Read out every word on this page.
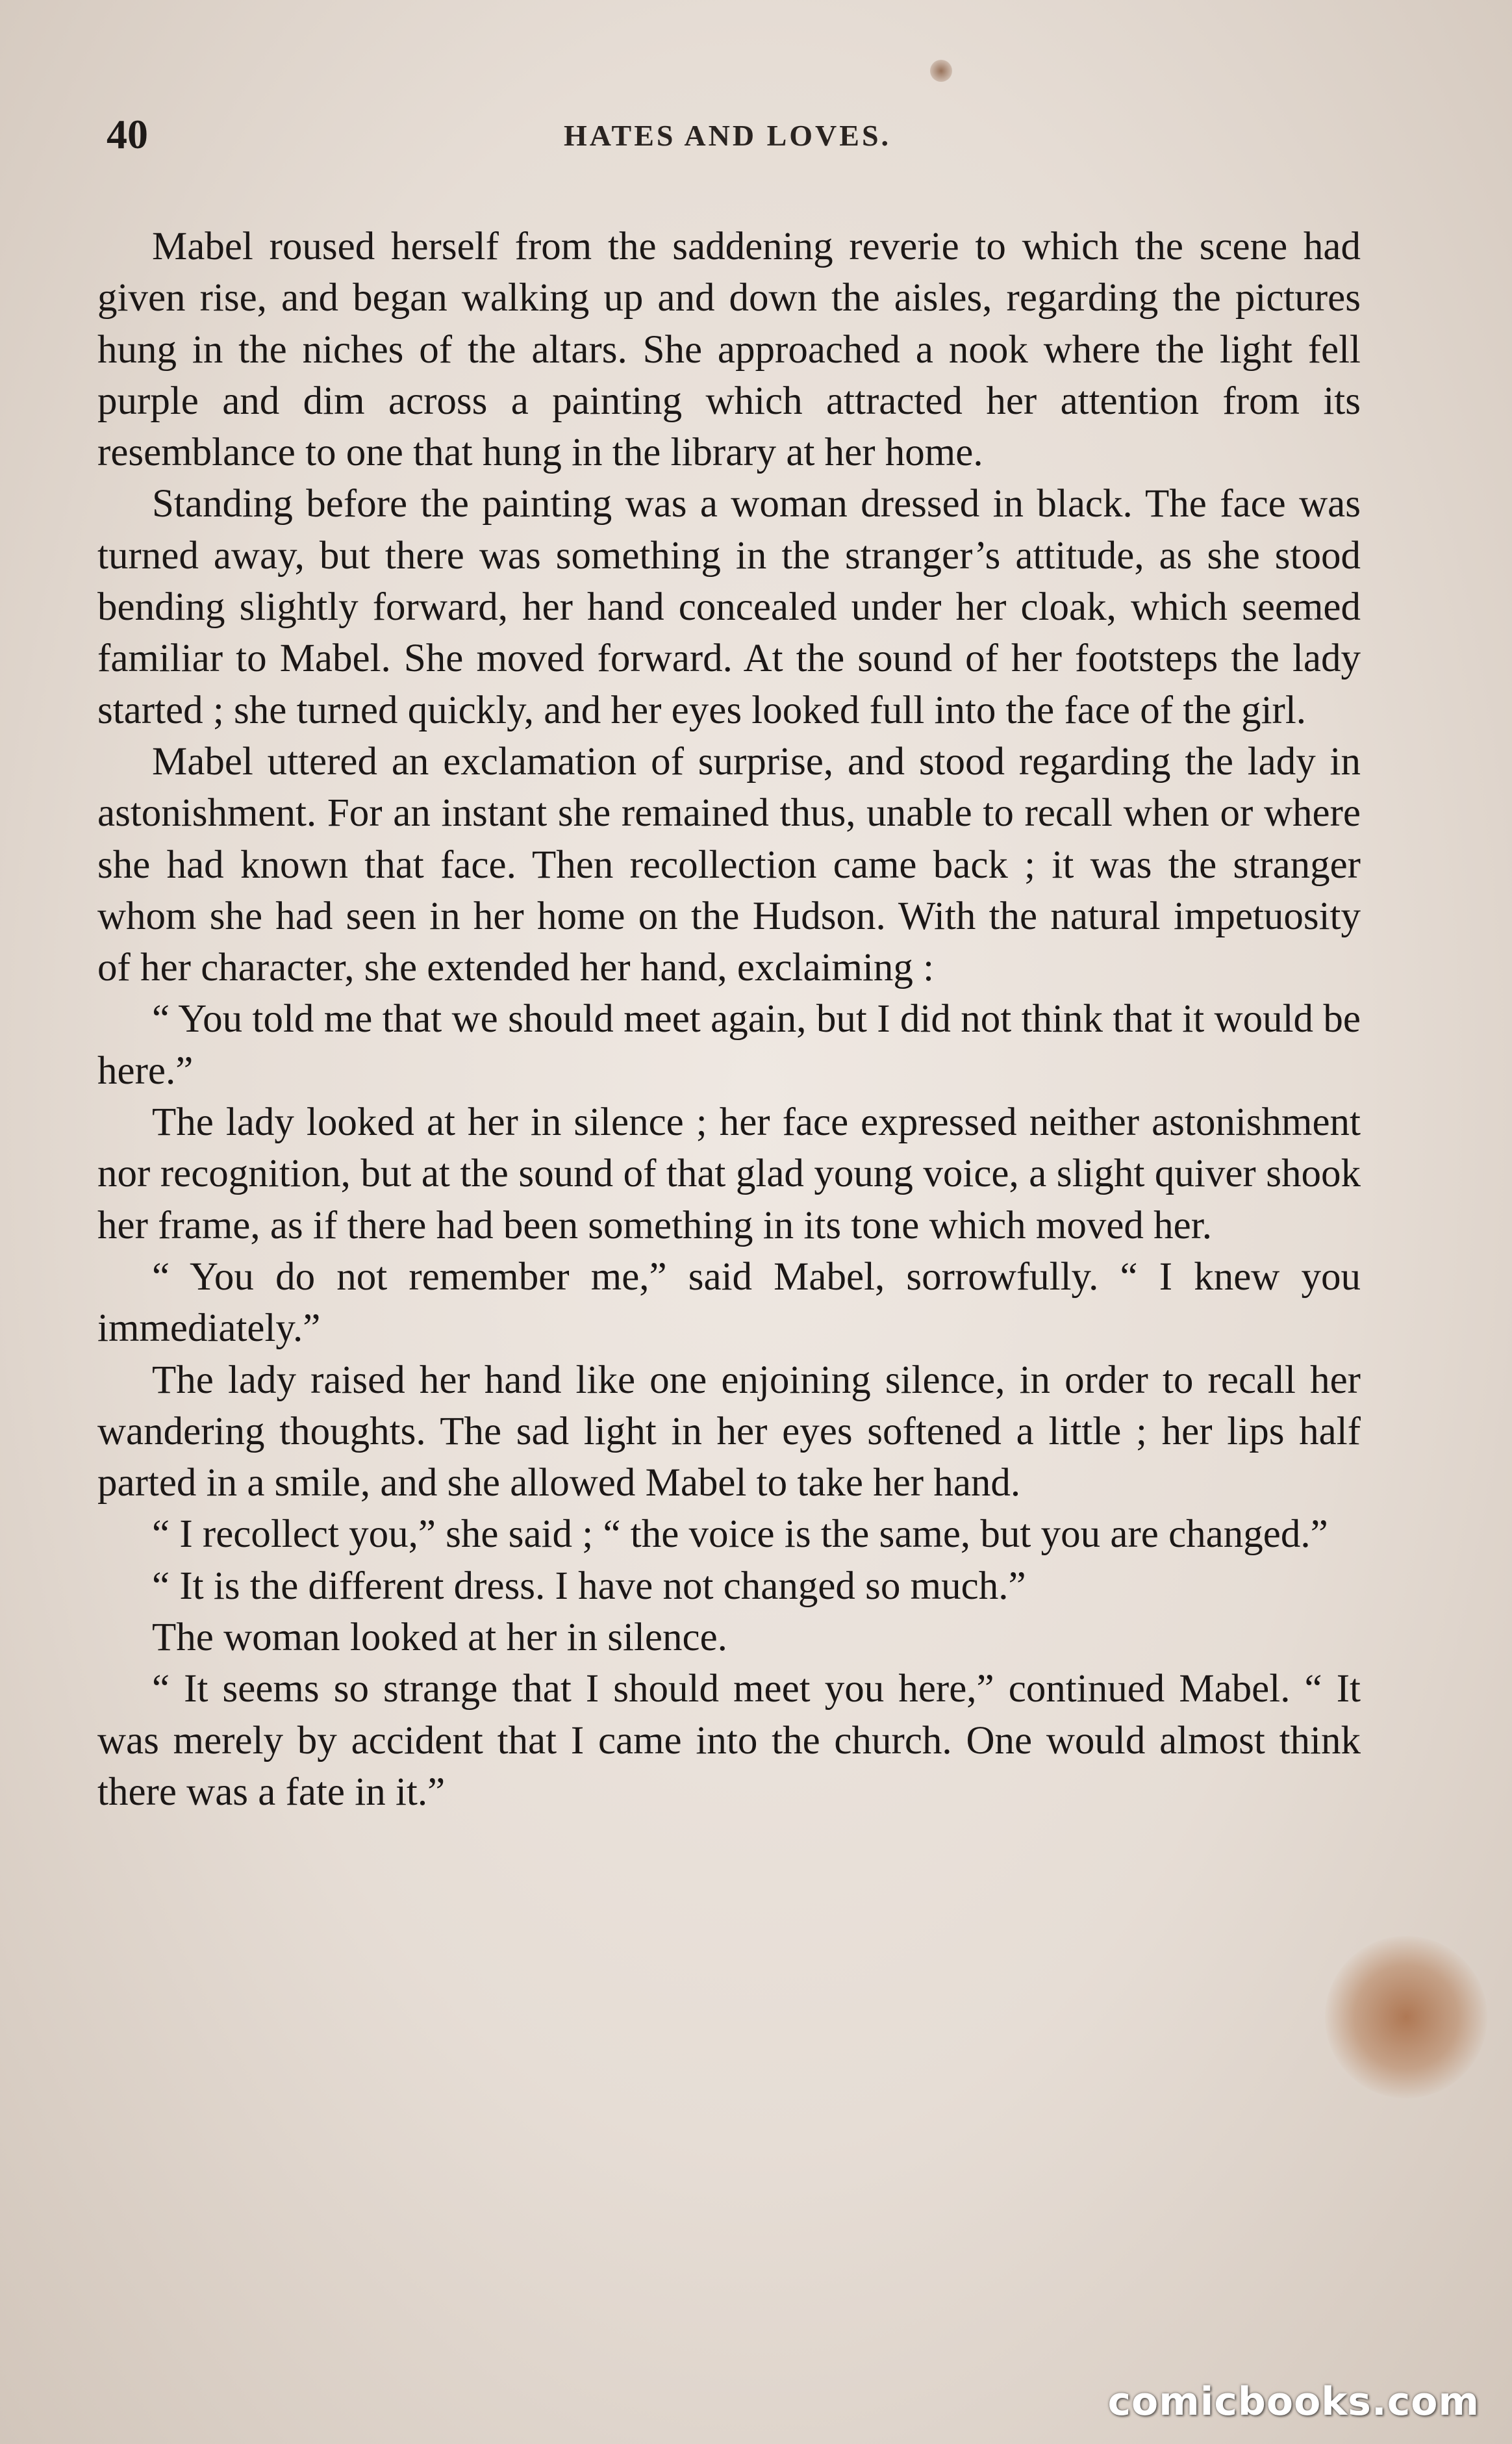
40	HATES AND LOVES.

Mabel roused herself from the saddening reverie to which the scene had given rise, and began walking up and down the aisles, regarding the pictures hung in the niches of the altars. She approached a nook where the light fell purple and dim across a painting which attracted her attention from its resemblance to one that hung in the library at her home.

Standing before the painting was a woman dressed in black. The face was turned away, but there was something in the stranger’s attitude, as she stood bending slightly forward, her hand concealed under her cloak, which seemed familiar to Mabel. She moved forward. At the sound of her footsteps the lady started ; she turned quickly, and her eyes looked full into the face of the girl.

Mabel uttered an exclamation of surprise, and stood regarding the lady in astonishment. For an instant she remained thus, unable to recall when or where she had known that face. Then recollection came back ; it was the stranger whom she had seen in her home on the Hudson. With the natural impetuosity of her character, she extended her hand, exclaiming :

“ You told me that we should meet again, but I did not think that it would be here.”

The lady looked at her in silence ; her face expressed neither astonishment nor recognition, but at the sound of that glad young voice, a slight quiver shook her frame, as if there had been something in its tone which moved her.

“ You do not remember me,” said Mabel, sorrowfully. “ I knew you immediately.”

The lady raised her hand like one enjoining silence, in order to recall her wandering thoughts. The sad light in her eyes softened a little ; her lips half parted in a smile, and she allowed Mabel to take her hand.

“ I recollect you,” she said ; “ the voice is the same, but you are changed.”

“ It is the different dress. I have not changed so much.”

The woman looked at her in silence.

“ It seems so strange that I should meet you here,” continued Mabel. “ It was merely by accident that I came into the church. One would almost think there was a fate in it.”

comicbooks.com
